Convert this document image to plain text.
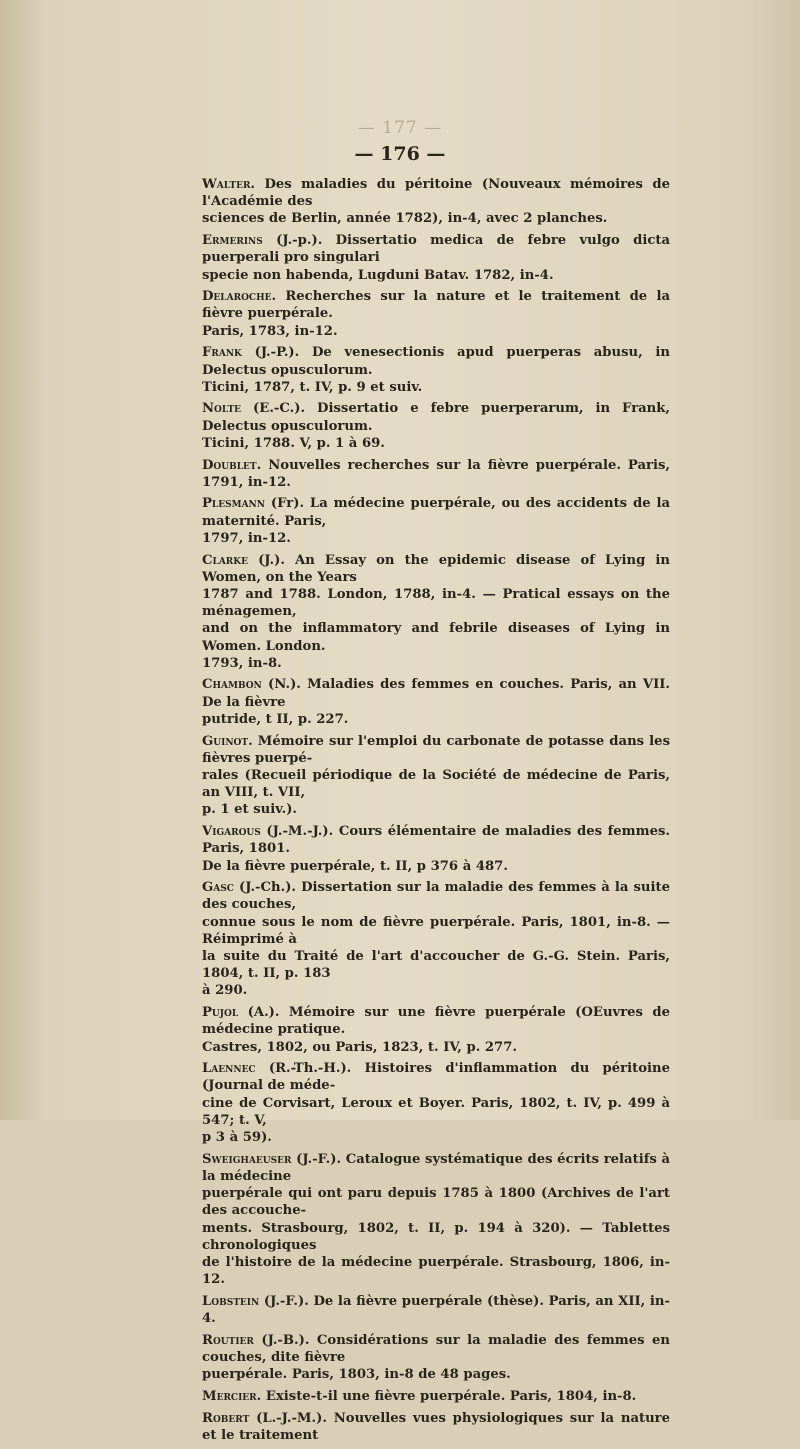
— 177 —
— 176 —
Walter. Des maladies du péritoine (Nouveaux mémoires de l'Académie des
sciences de Berlin, année 1782), in-4, avec 2 planches.
Ermerins (J.-p.). Dissertatio medica de febre vulgo dicta puerperali pro singulari
specie non habenda, Lugduni Batav. 1782, in-4.
Delaroche. Recherches sur la nature et le traitement de la fièvre puerpérale.
Paris, 1783, in-12.
Frank (J.-P.). De venesectionis apud puerperas abusu, in Delectus opusculorum.
Ticini, 1787, t. IV, p. 9 et suiv.
Nolte (E.-C.). Dissertatio e febre puerperarum, in Frank, Delectus opusculorum.
Ticini, 1788. V, p. 1 à 69.
Doublet. Nouvelles recherches sur la fièvre puerpérale. Paris, 1791, in-12.
Plesmann (Fr). La médecine puerpérale, ou des accidents de la maternité. Paris,
1797, in-12.
Clarke (J.). An Essay on the epidemic disease of Lying in Women, on the Years
1787 and 1788. London, 1788, in-4. — Pratical essays on the ménagemen,
and on the inflammatory and febrile diseases of Lying in Women. London.
1793, in-8.
Chambon (N.). Maladies des femmes en couches. Paris, an VII. De la fièvre
putride, t II, p. 227.
Guinot. Mémoire sur l'emploi du carbonate de potasse dans les fièvres puerpé-
rales (Recueil périodique de la Société de médecine de Paris, an VIII, t. VII,
p. 1 et suiv.).
Vigarous (J.-M.-J.). Cours élémentaire de maladies des femmes. Paris, 1801.
De la fièvre puerpérale, t. II, p 376 à 487.
Gasc (J.-Ch.). Dissertation sur la maladie des femmes à la suite des couches,
connue sous le nom de fièvre puerpérale. Paris, 1801, in-8. — Réimprimé à
la suite du Traité de l'art d'accoucher de G.-G. Stein. Paris, 1804, t. II, p. 183
à 290.
Pujol (A.). Mémoire sur une fièvre puerpérale (OEuvres de médecine pratique.
Castres, 1802, ou Paris, 1823, t. IV, p. 277.
Laennec (R.-Th.-H.). Histoires d'inflammation du péritoine (Journal de méde-
cine de Corvisart, Leroux et Boyer. Paris, 1802, t. IV, p. 499 à 547; t. V,
p 3 à 59).
Sweighaeuser (J.-F.). Catalogue systématique des écrits relatifs à la médecine
puerpérale qui ont paru depuis 1785 à 1800 (Archives de l'art des accouche-
ments. Strasbourg, 1802, t. II, p. 194 à 320). — Tablettes chronologiques
de l'histoire de la médecine puerpérale. Strasbourg, 1806, in-12.
Lobstein (J.-F.). De la fièvre puerpérale (thèse). Paris, an XII, in-4.
Routier (J.-B.). Considérations sur la maladie des femmes en couches, dite fièvre
puerpérale. Paris, 1803, in-8 de 48 pages.
Mercier. Existe-t-il une fièvre puerpérale. Paris, 1804, in-8.
Robert (L.-J.-M.). Nouvelles vues physiologiques sur la nature et le traitement
